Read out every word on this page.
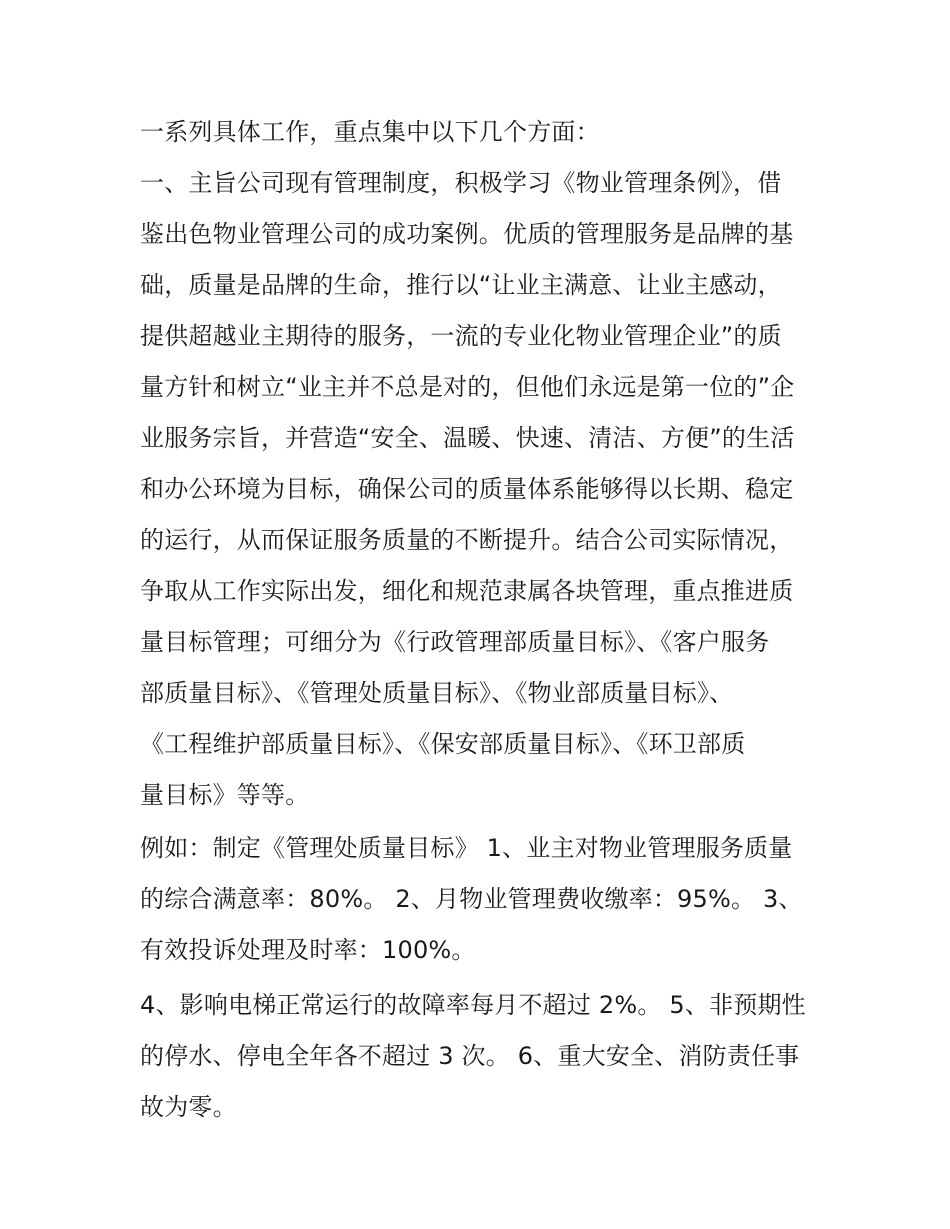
一系列具体工作，重点集中以下几个方面：
一、主旨公司现有管理制度，积极学习《物业管理条例》，借
鉴出色物业管理公司的成功案例。优质的管理服务是品牌的基
础，质量是品牌的生命，推行以“让业主满意、让业主感动，
提供超越业主期待的服务，一流的专业化物业管理企业”的质
量方针和树立“业主并不总是对的，但他们永远是第一位的”企
业服务宗旨，并营造“安全、温暖、快速、清洁、方便”的生活
和办公环境为目标，确保公司的质量体系能够得以长期、稳定
的运行，从而保证服务质量的不断提升。结合公司实际情况，
争取从工作实际出发，细化和规范隶属各块管理，重点推进质
量目标管理；可细分为《行政管理部质量目标》、《客户服务
部质量目标》、《管理处质量目标》、《物业部质量目标》、
《工程维护部质量目标》、《保安部质量目标》、《环卫部质
量目标》等等。
例如：制定《管理处质量目标》 1、业主对物业管理服务质量
的综合满意率：80%。 2、月物业管理费收缴率：95%。 3、
有效投诉处理及时率：100%。
4、影响电梯正常运行的故障率每月不超过 2%。 5、非预期性
的停水、停电全年各不超过 3 次。 6、重大安全、消防责任事
故为零。
